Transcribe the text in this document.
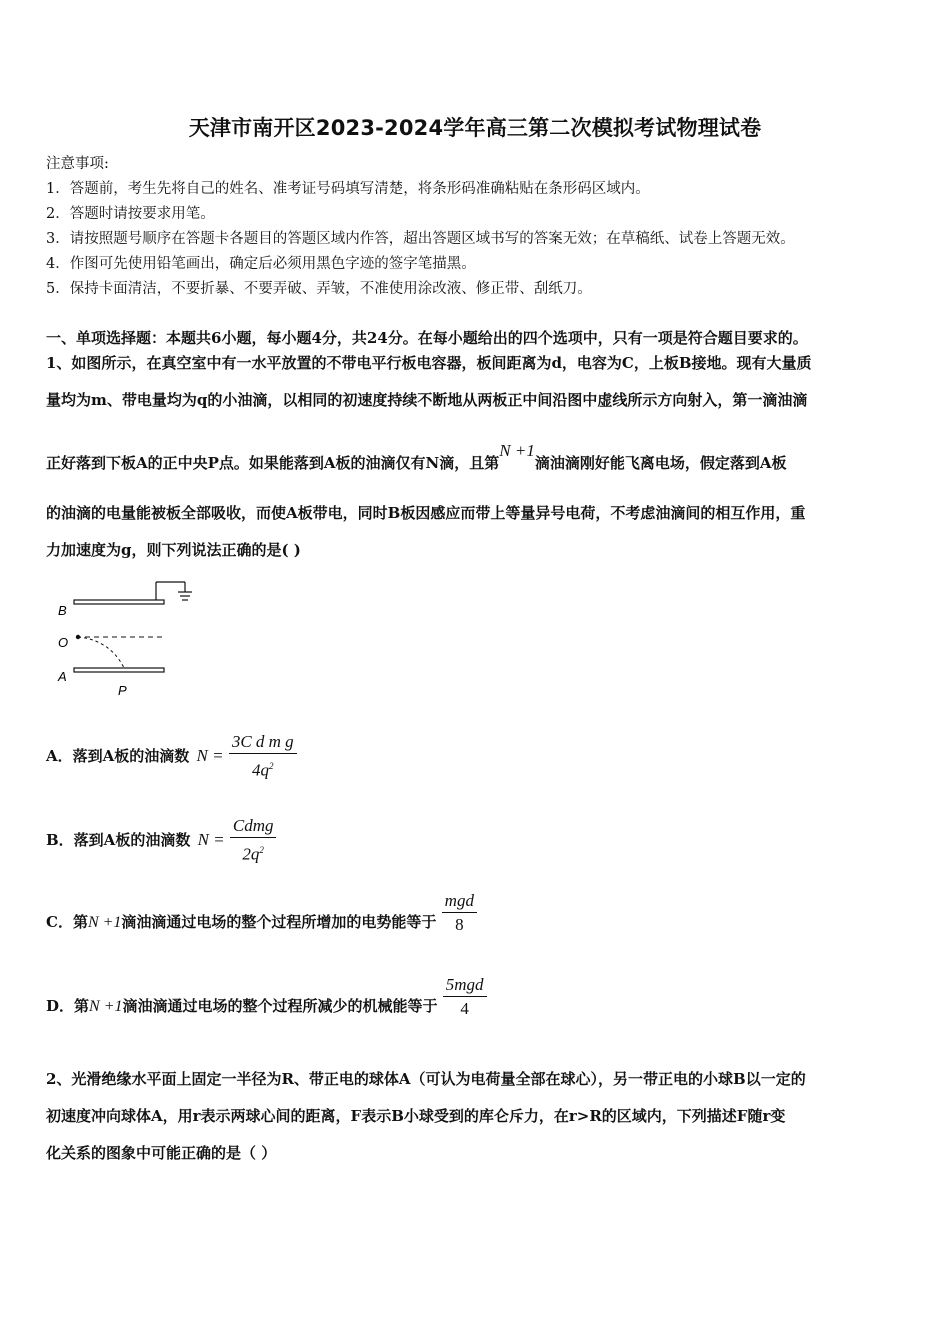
天津市南开区2023-2024学年高三第二次模拟考试物理试卷
注意事项:
1．答题前，考生先将自己的姓名、准考证号码填写清楚，将条形码准确粘贴在条形码区域内。
2．答题时请按要求用笔。
3．请按照题号顺序在答题卡各题目的答题区域内作答，超出答题区域书写的答案无效；在草稿纸、试卷上答题无效。
4．作图可先使用铅笔画出，确定后必须用黑色字迹的签字笔描黑。
5．保持卡面清洁，不要折暴、不要弄破、弄皱，不准使用涂改液、修正带、刮纸刀。
一、单项选择题：本题共6小题，每小题4分，共24分。在每小题给出的四个选项中，只有一项是符合题目要求的。
1、如图所示，在真空室中有一水平放置的不带电平行板电容器，板间距离为d，电容为C，上板B接地。现有大量质
量均为m、带电量均为q的小油滴，以相同的初速度持续不断地从两板正中间沿图中虚线所示方向射入，第一滴油滴
正好落到下板A的正中央P点。如果能落到A板的油滴仅有N滴，且第N +1滴油滴刚好能飞离电场，假定落到A板
的油滴的电量能被板全部吸收，而使A板带电，同时B板因感应而带上等量异号电荷，不考虑油滴间的相互作用，重
力加速度为g，则下列说法正确的是( )
B
O
A
P
A．落到A板的油滴数 $N = \frac{\text{3C d m g}}{4q^2}$
B．落到A板的油滴数 $N = \frac{\text{Cdmg}}{2q^2}$
C．第N +1滴油滴通过电场的整个过程所增加的电势能等于 $\frac{\text{mgd}}{8}$
D．第N +1滴油滴通过电场的整个过程所减少的机械能等于 $\frac{\text{5mgd}}{4}$
2、光滑绝缘水平面上固定一半径为R、带正电的球体A（可认为电荷量全部在球心），另一带正电的小球B以一定的
初速度冲向球体A，用r表示两球心间的距离，F表示B小球受到的库仑斥力，在r>R的区域内，下列描述F随r变
化关系的图象中可能正确的是（ ）
